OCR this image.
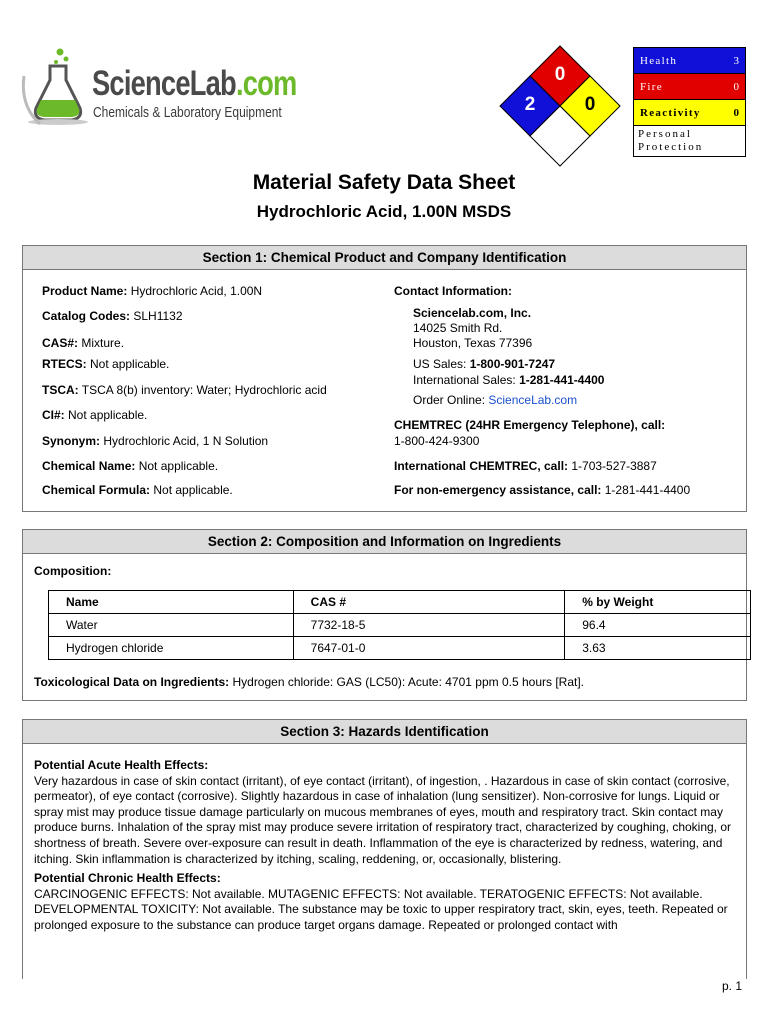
ScienceLab.com
Chemicals & Laboratory Equipment
0
2	0
Health	3
Fire	0
Reactivity	0
Personal
Protection
Material Safety Data Sheet
Hydrochloric Acid, 1.00N MSDS
Section 1: Chemical Product and Company Identification
Product Name: Hydrochloric Acid, 1.00N
Catalog Codes: SLH1132
CAS#: Mixture.
RTECS: Not applicable.
TSCA: TSCA 8(b) inventory: Water; Hydrochloric acid
CI#: Not applicable.
Synonym: Hydrochloric Acid, 1 N Solution
Chemical Name: Not applicable.
Chemical Formula: Not applicable.
Contact Information:
Sciencelab.com, Inc.
14025 Smith Rd.
Houston, Texas 77396
US Sales: 1-800-901-7247
International Sales: 1-281-441-4400
Order Online: ScienceLab.com
CHEMTREC (24HR Emergency Telephone), call:
1-800-424-9300
International CHEMTREC, call: 1-703-527-3887
For non-emergency assistance, call: 1-281-441-4400
Section 2: Composition and Information on Ingredients
Composition:
Name	CAS #	% by Weight
Water	7732-18-5	96.4
Hydrogen chloride	7647-01-0	3.63
Toxicological Data on Ingredients: Hydrogen chloride: GAS (LC50): Acute: 4701 ppm 0.5 hours [Rat].
Section 3: Hazards Identification
Potential Acute Health Effects:

Very hazardous in case of skin contact (irritant), of eye contact (irritant), of ingestion, . Hazardous in case of skin contact (corrosive, permeator), of eye contact (corrosive). Slightly hazardous in case of inhalation (lung sensitizer). Non-corrosive for lungs. Liquid or spray mist may produce tissue damage particularly on mucous membranes of eyes, mouth and respiratory tract. Skin contact may produce burns. Inhalation of the spray mist may produce severe irritation of respiratory tract, characterized by coughing, choking, or shortness of breath. Severe over-exposure can result in death. Inflammation of the eye is characterized by redness, watering, and itching. Skin inflammation is characterized by itching, scaling, reddening, or, occasionally, blistering.

Potential Chronic Health Effects:

CARCINOGENIC EFFECTS: Not available. MUTAGENIC EFFECTS: Not available. TERATOGENIC EFFECTS: Not available. DEVELOPMENTAL TOXICITY: Not available. The substance may be toxic to upper respiratory tract, skin, eyes, teeth. Repeated or prolonged exposure to the substance can produce target organs damage. Repeated or prolonged contact with

p. 1
